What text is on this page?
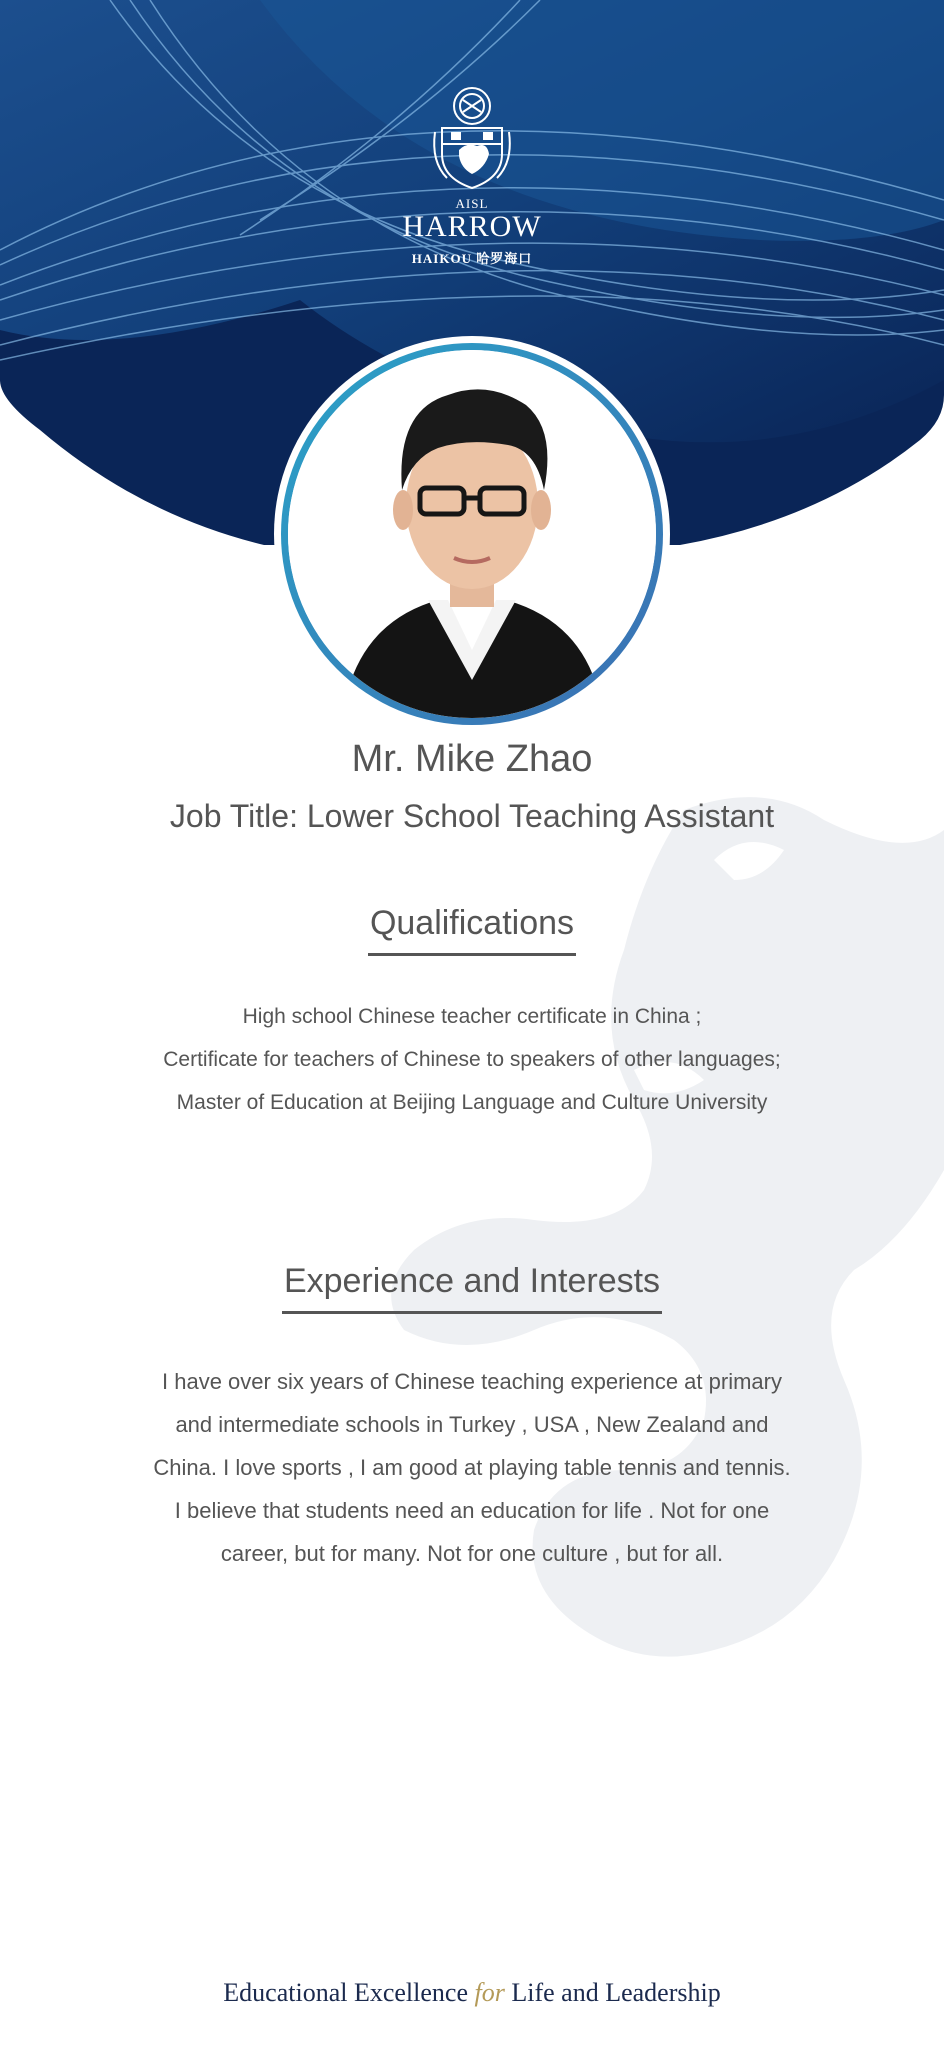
AISL
HARROW
HAIKOU 哈罗海口
Mr. Mike Zhao
Job Title: Lower School Teaching Assistant
Qualifications
High school Chinese teacher certificate in China ;
Certificate for teachers of Chinese to speakers of other languages;
Master of Education at Beijing Language and Culture University
Experience and Interests
I have over six years of Chinese teaching experience at primary
and intermediate schools in Turkey , USA , New Zealand and
China. I love sports , I am good at playing table tennis and tennis.
I believe that students need an education for life . Not for one
career, but for many. Not for one culture , but for all.
Educational Excellence for Life and Leadership
